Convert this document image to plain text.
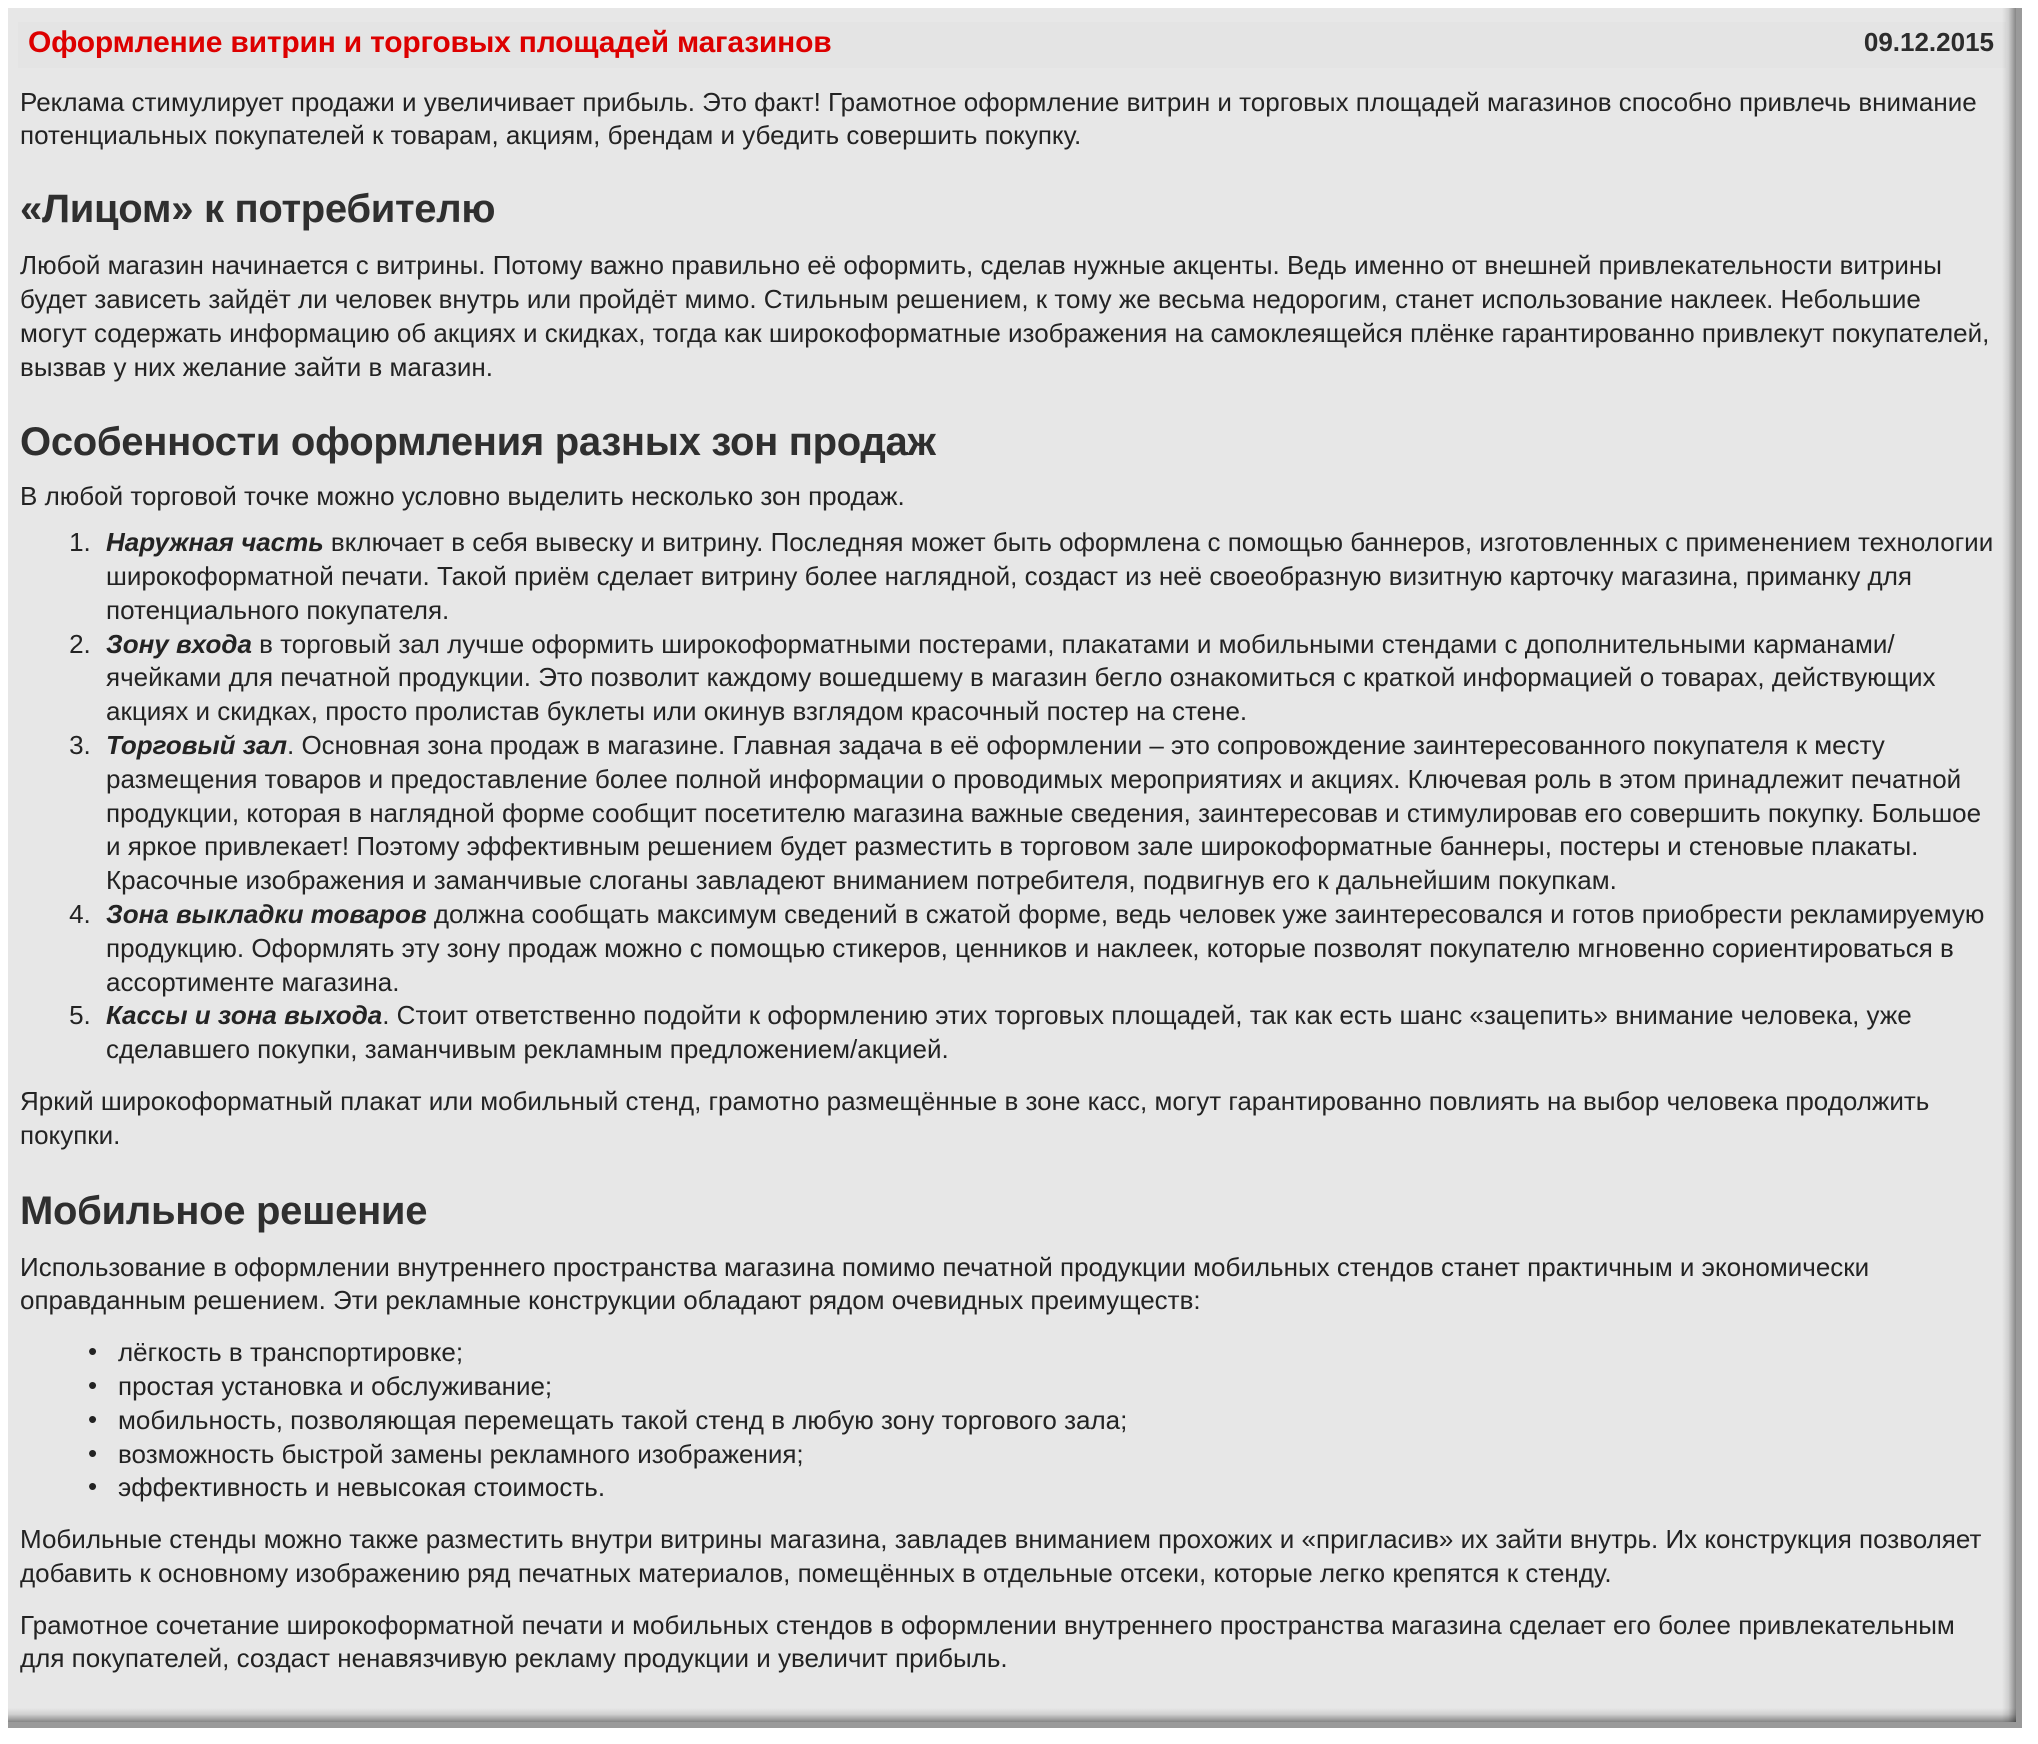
Оформление витрин и торговых площадей магазинов	09.12.2015

Реклама стимулирует продажи и увеличивает прибыль. Это факт! Грамотное оформление витрин и торговых площадей магазинов способно привлечь внимание потенциальных покупателей к товарам, акциям, брендам и убедить совершить покупку.

«Лицом» к потребителю

Любой магазин начинается с витрины. Потому важно правильно её оформить, сделав нужные акценты. Ведь именно от внешней привлекательности витрины будет зависеть зайдёт ли человек внутрь или пройдёт мимо. Стильным решением, к тому же весьма недорогим, станет использование наклеек. Небольшие могут содержать информацию об акциях и скидках, тогда как широкоформатные изображения на самоклеящейся плёнке гарантированно привлекут покупателей, вызвав у них желание зайти в магазин.

Особенности оформления разных зон продаж

В любой торговой точке можно условно выделить несколько зон продаж.

1. Наружная часть включает в себя вывеску и витрину. Последняя может быть оформлена с помощью баннеров, изготовленных с применением технологии широкоформатной печати. Такой приём сделает витрину более наглядной, создаст из неё своеобразную визитную карточку магазина, приманку для потенциального покупателя.
2. Зону входа в торговый зал лучше оформить широкоформатными постерами, плакатами и мобильными стендами с дополнительными карманами/ячейками для печатной продукции. Это позволит каждому вошедшему в магазин бегло ознакомиться с краткой информацией о товарах, действующих акциях и скидках, просто пролистав буклеты или окинув взглядом красочный постер на стене.
3. Торговый зал. Основная зона продаж в магазине. Главная задача в её оформлении – это сопровождение заинтересованного покупателя к месту размещения товаров и предоставление более полной информации о проводимых мероприятиях и акциях. Ключевая роль в этом принадлежит печатной продукции, которая в наглядной форме сообщит посетителю магазина важные сведения, заинтересовав и стимулировав его совершить покупку. Большое и яркое привлекает! Поэтому эффективным решением будет разместить в торговом зале широкоформатные баннеры, постеры и стеновые плакаты. Красочные изображения и заманчивые слоганы завладеют вниманием потребителя, подвигнув его к дальнейшим покупкам.
4. Зона выкладки товаров должна сообщать максимум сведений в сжатой форме, ведь человек уже заинтересовался и готов приобрести рекламируемую продукцию. Оформлять эту зону продаж можно с помощью стикеров, ценников и наклеек, которые позволят покупателю мгновенно сориентироваться в ассортименте магазина.
5. Кассы и зона выхода. Стоит ответственно подойти к оформлению этих торговых площадей, так как есть шанс «зацепить» внимание человека, уже сделавшего покупки, заманчивым рекламным предложением/акцией.

Яркий широкоформатный плакат или мобильный стенд, грамотно размещённые в зоне касс, могут гарантированно повлиять на выбор человека продолжить покупки.

Мобильное решение

Использование в оформлении внутреннего пространства магазина помимо печатной продукции мобильных стендов станет практичным и экономически оправданным решением. Эти рекламные конструкции обладают рядом очевидных преимуществ:

• лёгкость в транспортировке;
• простая установка и обслуживание;
• мобильность, позволяющая перемещать такой стенд в любую зону торгового зала;
• возможность быстрой замены рекламного изображения;
• эффективность и невысокая стоимость.

Мобильные стенды можно также разместить внутри витрины магазина, завладев вниманием прохожих и «пригласив» их зайти внутрь. Их конструкция позволяет добавить к основному изображению ряд печатных материалов, помещённых в отдельные отсеки, которые легко крепятся к стенду.

Грамотное сочетание широкоформатной печати и мобильных стендов в оформлении внутреннего пространства магазина сделает его более привлекательным для покупателей, создаст ненавязчивую рекламу продукции и увеличит прибыль.
